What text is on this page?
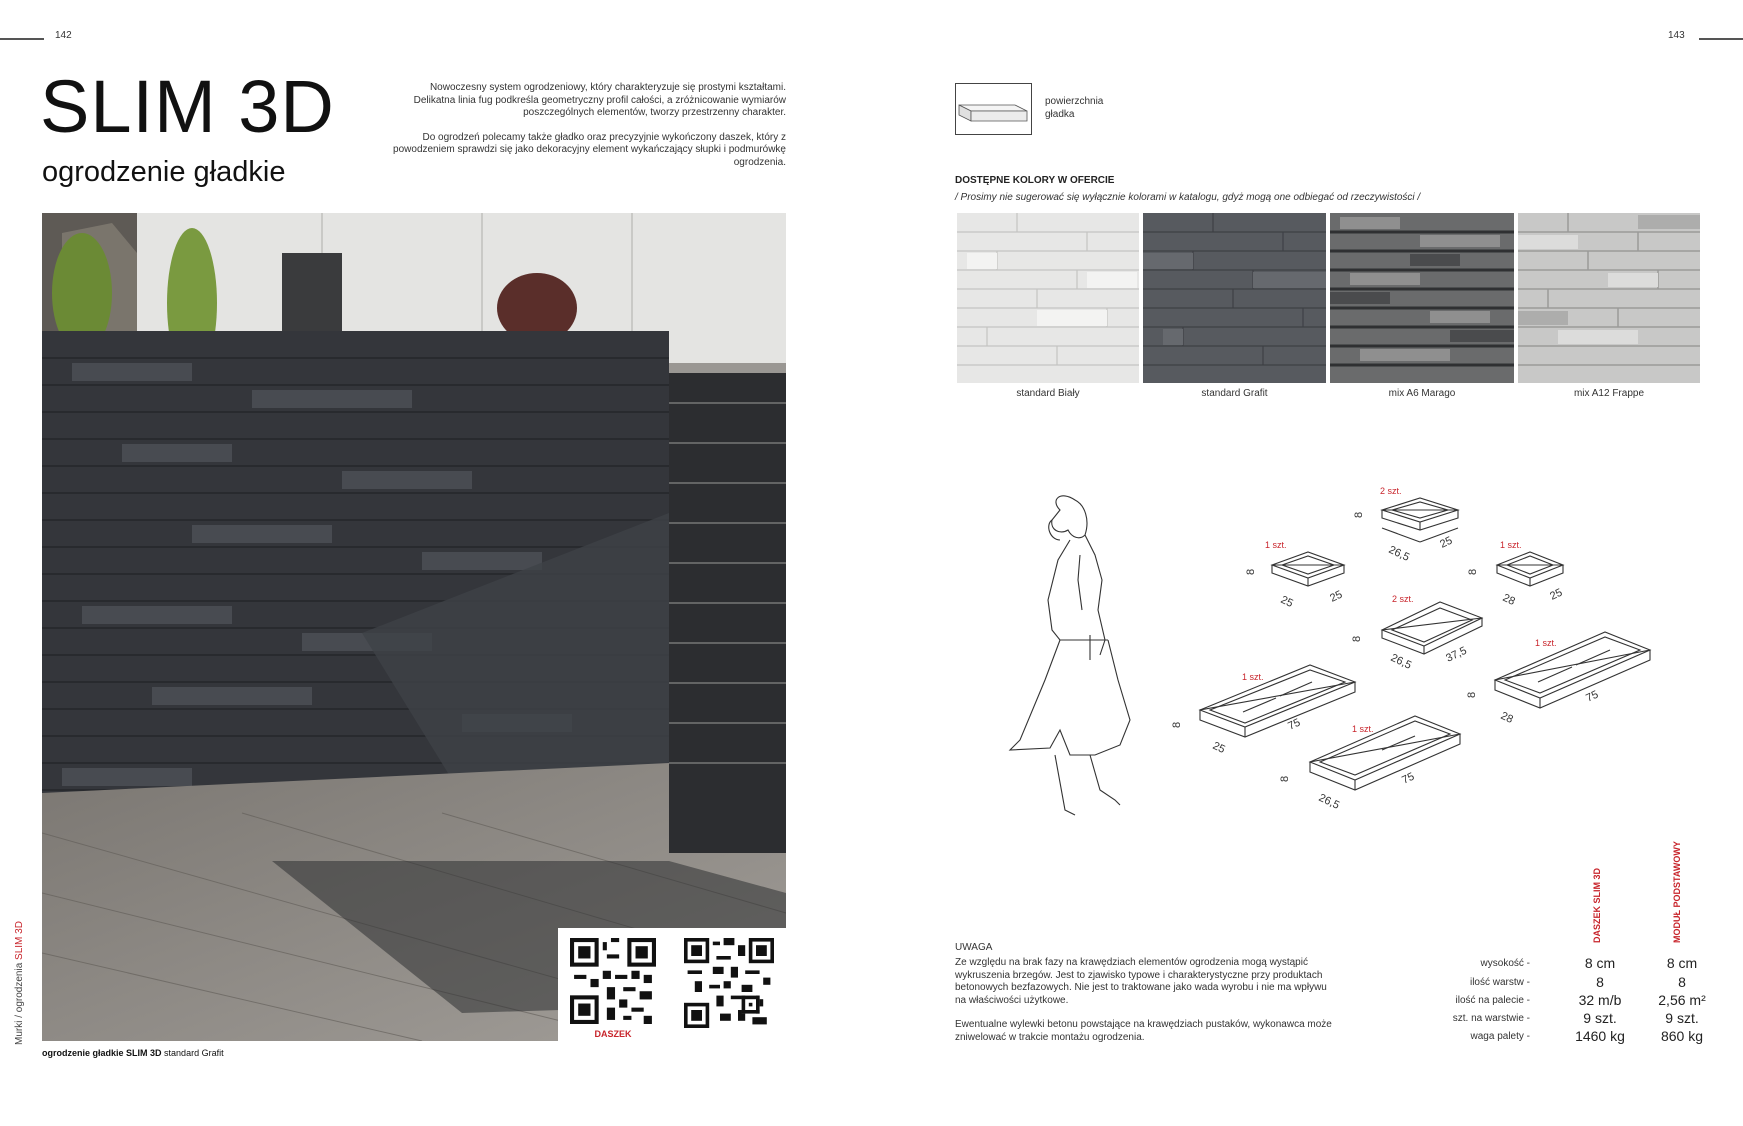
142
SLIM 3D
ogrodzenie gładkie

Nowoczesny system ogrodzeniowy, który charakteryzuje się prostymi kształtami. Delikatna linia fug podkreśla geometryczny profil całości, a zróżnicowanie wymiarów poszczególnych elementów, tworzy przestrzenny charakter.

Do ogrodzeń polecamy także gładko oraz precyzyjnie wykończony daszek, który z powodzeniem sprawdzi się jako dekoracyjny element wykańczający słupki i podmurówkę ogrodzenia.

DASZEK
ogrodzenie gładkie SLIM 3D standard Grafit
Murki / ogrodzenia SLIM 3D
143
powierzchnia
gładka
DOSTĘPNE KOLORY W OFERCIE
/ Prosimy nie sugerować się wyłącznie kolorami w katalogu, gdyż mogą one odbiegać od rzeczywistości /
standard Biały	standard Grafit	mix A6 Marago	mix A12 Frappe
2 szt.
8
26,5
25
1 szt.
8
25	25
1 szt.
8
28	25
2 szt.
8
26,5	37,5
1 szt.
8
25
75
1 szt.
8
28
75
1 szt.
8
26,5
75
UWAGA

Ze względu na brak fazy na krawędziach elementów ogrodzenia mogą wystąpić wykruszenia brzegów. Jest to zjawisko typowe i charakterystyczne przy produktach betonowych bezfazowych. Nie jest to traktowane jako wada wyrobu i nie ma wpływu na właściwości użytkowe.

Ewentualne wylewki betonu powstające na krawędziach pustaków, wykonawca może zniwelować w trakcie montażu ogrodzenia.

DASZEK SLIM 3D	MODUŁ PODSTAWOWY
wysokość -	8 cm	8 cm
ilość warstw -	8	8
ilość na palecie -	32 m/b	2,56 m²
szt. na warstwie -	9 szt.	9 szt.
waga palety -	1460 kg	860 kg
